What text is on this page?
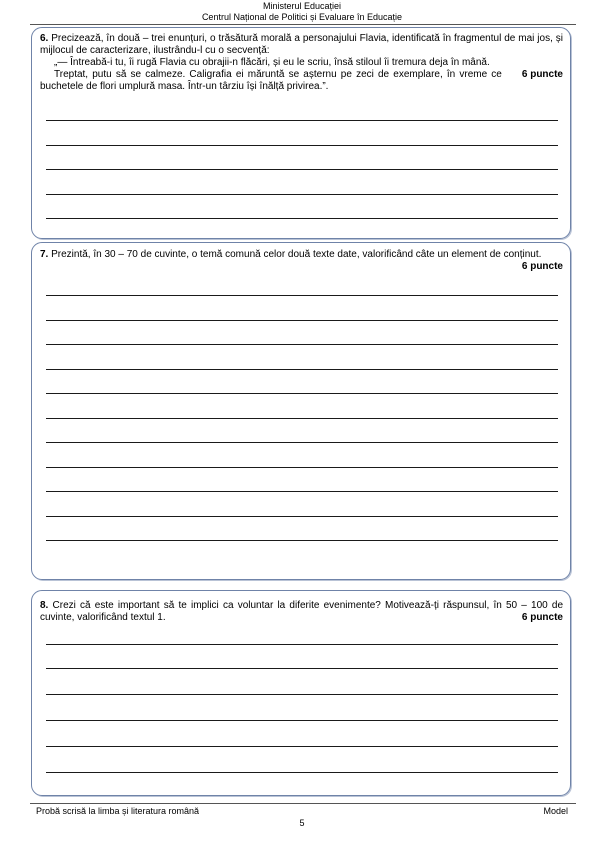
Ministerul Educației
Centrul Național de Politici și Evaluare în Educație

6. Precizează, în două – trei enunțuri, o trăsătură morală a personajului Flavia, identificată în fragmentul de mai jos, și mijlocul de caracterizare, ilustrându-l cu o secvență:

„— Întreabă-i tu, îi rugă Flavia cu obrajii-n flăcări, și eu le scriu, însă stiloul îi tremura deja în mână.

6 puncte
Treptat, putu să se calmeze. Caligrafia ei măruntă se așternu pe zeci de exemplare, în vreme ce buchetele de flori umplură masa. Într-un târziu își înălță privirea.”.

7. Prezintă, în 30 – 70 de cuvinte, o temă comună celor două texte date, valorificând câte un element de conținut.

6 puncte

8. Crezi că este important să te implici ca voluntar la diferite evenimente? Motivează-ți răspunsul, în 50 – 100 de cuvinte, valorificând textul 1.	6 puncte
Probă scrisă la limba și literatura română	Model
5
